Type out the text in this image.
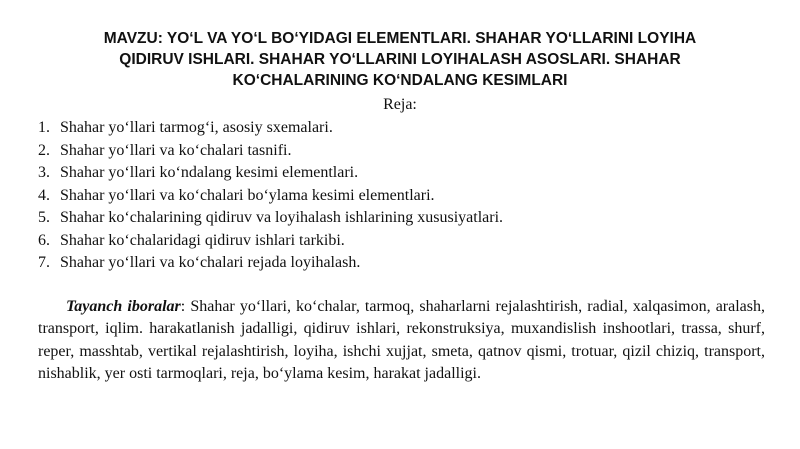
MAVZU: YO‘L VA YO‘L BO‘YIDAGI ELEMENTLARI. SHAHAR YO‘LLARINI LOYIHA
QIDIRUV ISHLARI. SHAHAR YO‘LLARINI LOYIHALASH ASOSLARI. SHAHAR
KO‘CHALARINING KO‘NDALANG KESIMLARI

Reja:

1. Shahar yo‘llari tarmog‘i, asosiy sxemalari.
2. Shahar yo‘llari va ko‘chalari tasnifi.
3. Shahar yo‘llari ko‘ndalang kesimi elementlari.
4. Shahar yo‘llari va ko‘chalari bo‘ylama kesimi elementlari.
5. Shahar ko‘chalarining qidiruv va loyihalash ishlarining xususiyatlari.
6. Shahar ko‘chalaridagi qidiruv ishlari tarkibi.
7. Shahar yo‘llari va ko‘chalari rejada loyihalash.

Tayanch iboralar: Shahar yo‘llari, ko‘chalar, tarmoq, shaharlarni rejalashtirish, radial, xalqasimon, aralash, transport, iqlim. harakatlanish jadalligi, qidiruv ishlari, rekonstruksiya, muxandislish inshootlari, trassa, shurf, reper, masshtab, vertikal rejalashtirish, loyiha, ishchi xujjat, smeta, qatnov qismi, trotuar, qizil chiziq, transport, nishablik, yer osti tarmoqlari, reja, bo‘ylama kesim, harakat jadalligi.
